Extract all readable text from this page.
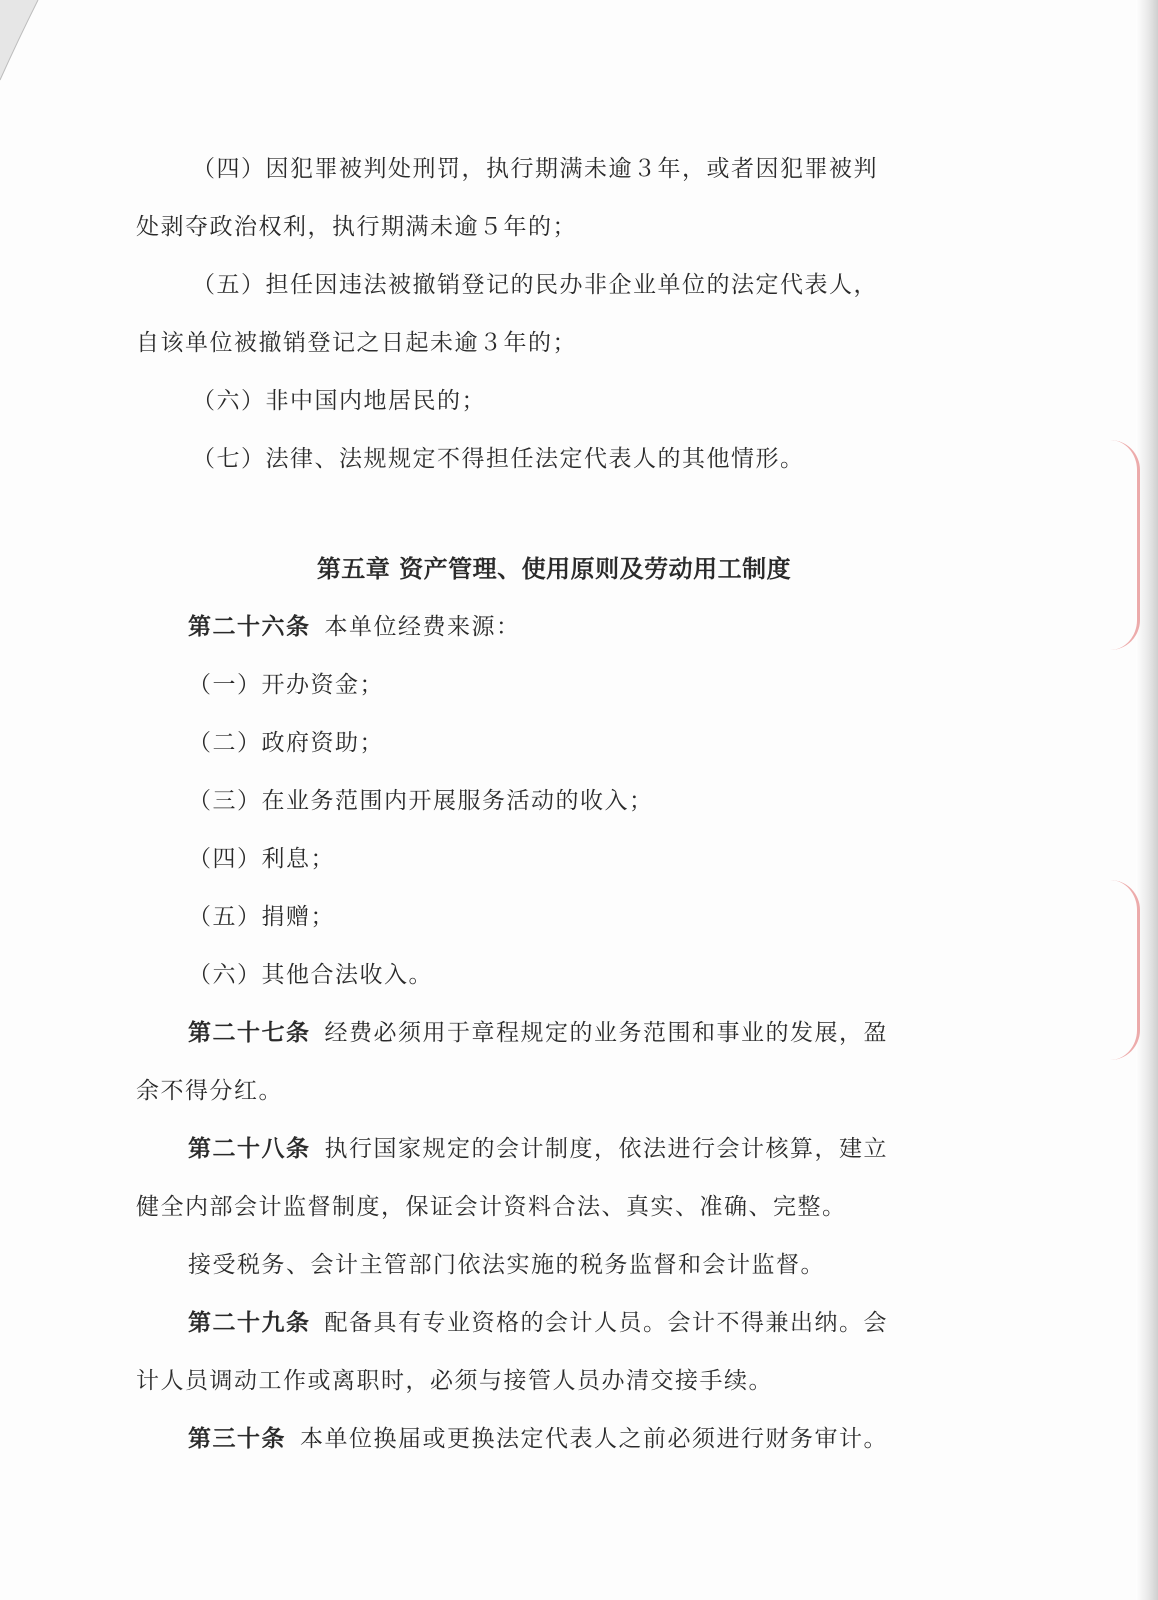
（四）因犯罪被判处刑罚，执行期满未逾３年，或者因犯罪被判
处剥夺政治权利，执行期满未逾５年的；
（五）担任因违法被撤销登记的民办非企业单位的法定代表人，
自该单位被撤销登记之日起未逾３年的；
（六）非中国内地居民的；
（七）法律、法规规定不得担任法定代表人的其他情形。
第五章 资产管理、使用原则及劳动用工制度
第二十六条 本单位经费来源：
（一）开办资金；
（二）政府资助；
（三）在业务范围内开展服务活动的收入；
（四）利息；
（五）捐赠；
（六）其他合法收入。
第二十七条 经费必须用于章程规定的业务范围和事业的发展，盈
余不得分红。
第二十八条 执行国家规定的会计制度，依法进行会计核算，建立
健全内部会计监督制度，保证会计资料合法、真实、准确、完整。
接受税务、会计主管部门依法实施的税务监督和会计监督。
第二十九条 配备具有专业资格的会计人员。会计不得兼出纳。会
计人员调动工作或离职时，必须与接管人员办清交接手续。
第三十条 本单位换届或更换法定代表人之前必须进行财务审计。
